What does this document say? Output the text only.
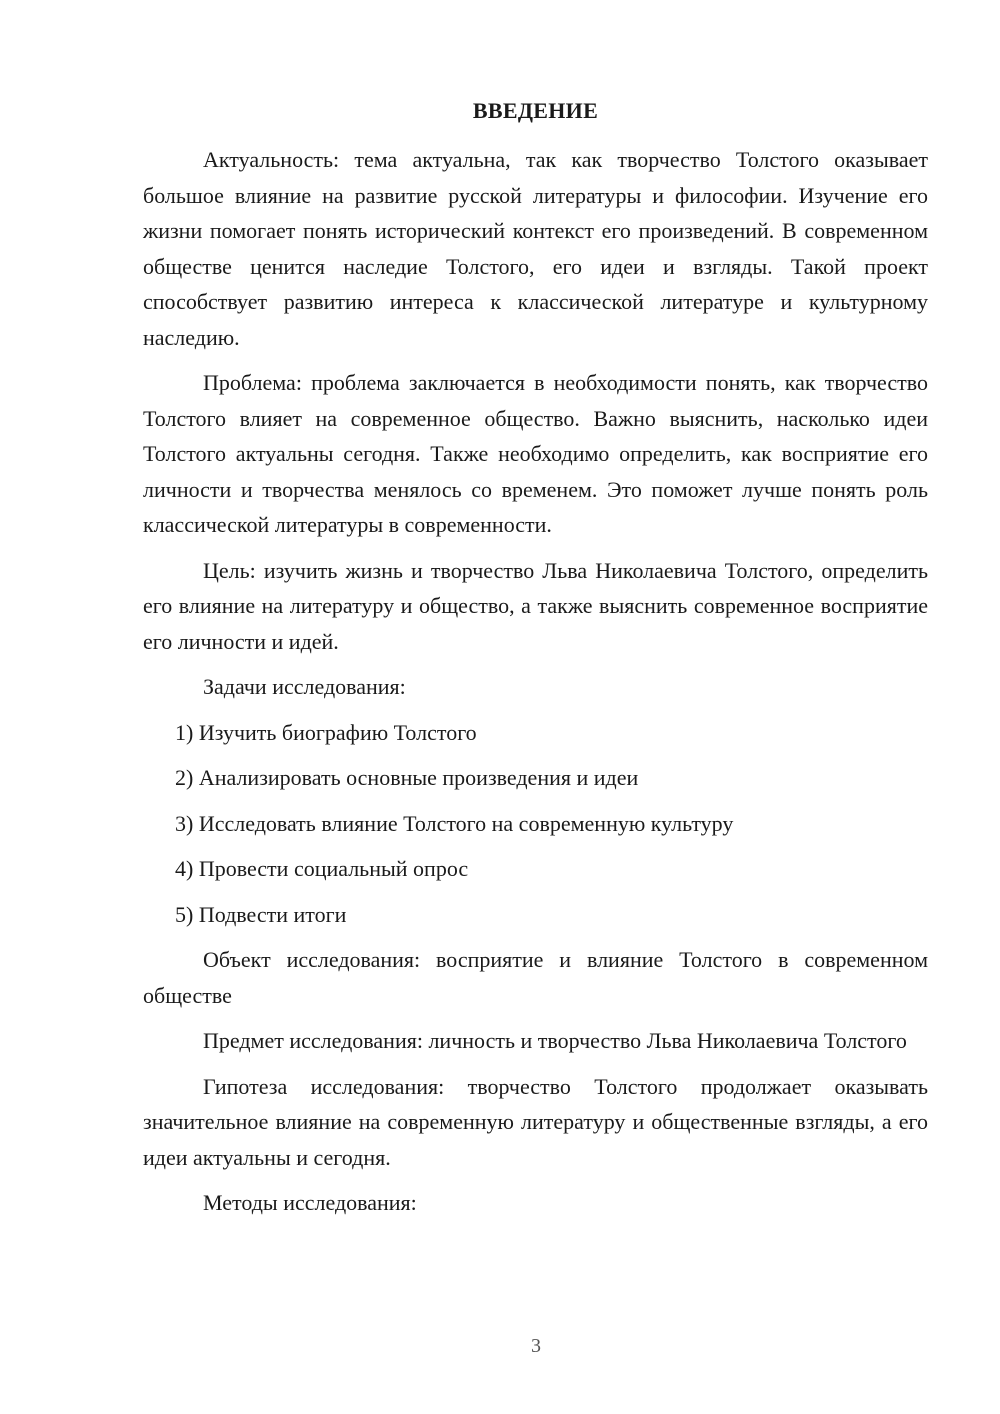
ВВЕДЕНИЕ

Актуальность: тема актуальна, так как творчество Толстого оказывает большое влияние на развитие русской литературы и философии. Изучение его жизни помогает понять исторический контекст его произведений. В современном обществе ценится наследие Толстого, его идеи и взгляды. Такой проект способствует развитию интереса к классической литературе и культурному наследию.

Проблема: проблема заключается в необходимости понять, как творчество Толстого влияет на современное общество. Важно выяснить, насколько идеи Толстого актуальны сегодня. Также необходимо определить, как восприятие его личности и творчества менялось со временем. Это поможет лучше понять роль классической литературы в современности.

Цель: изучить жизнь и творчество Льва Николаевича Толстого, определить его влияние на литературу и общество, а также выяснить современное восприятие его личности и идей.

Задачи исследования:

1) Изучить биографию Толстого

2) Анализировать основные произведения и идеи

3) Исследовать влияние Толстого на современную культуру

4) Провести социальный опрос

5) Подвести итоги

Объект исследования: восприятие и влияние Толстого в современном обществе

Предмет исследования: личность и творчество Льва Николаевича Толстого

Гипотеза исследования: творчество Толстого продолжает оказывать значительное влияние на современную литературу и общественные взгляды, а его идеи актуальны и сегодня.

Методы исследования:

3
